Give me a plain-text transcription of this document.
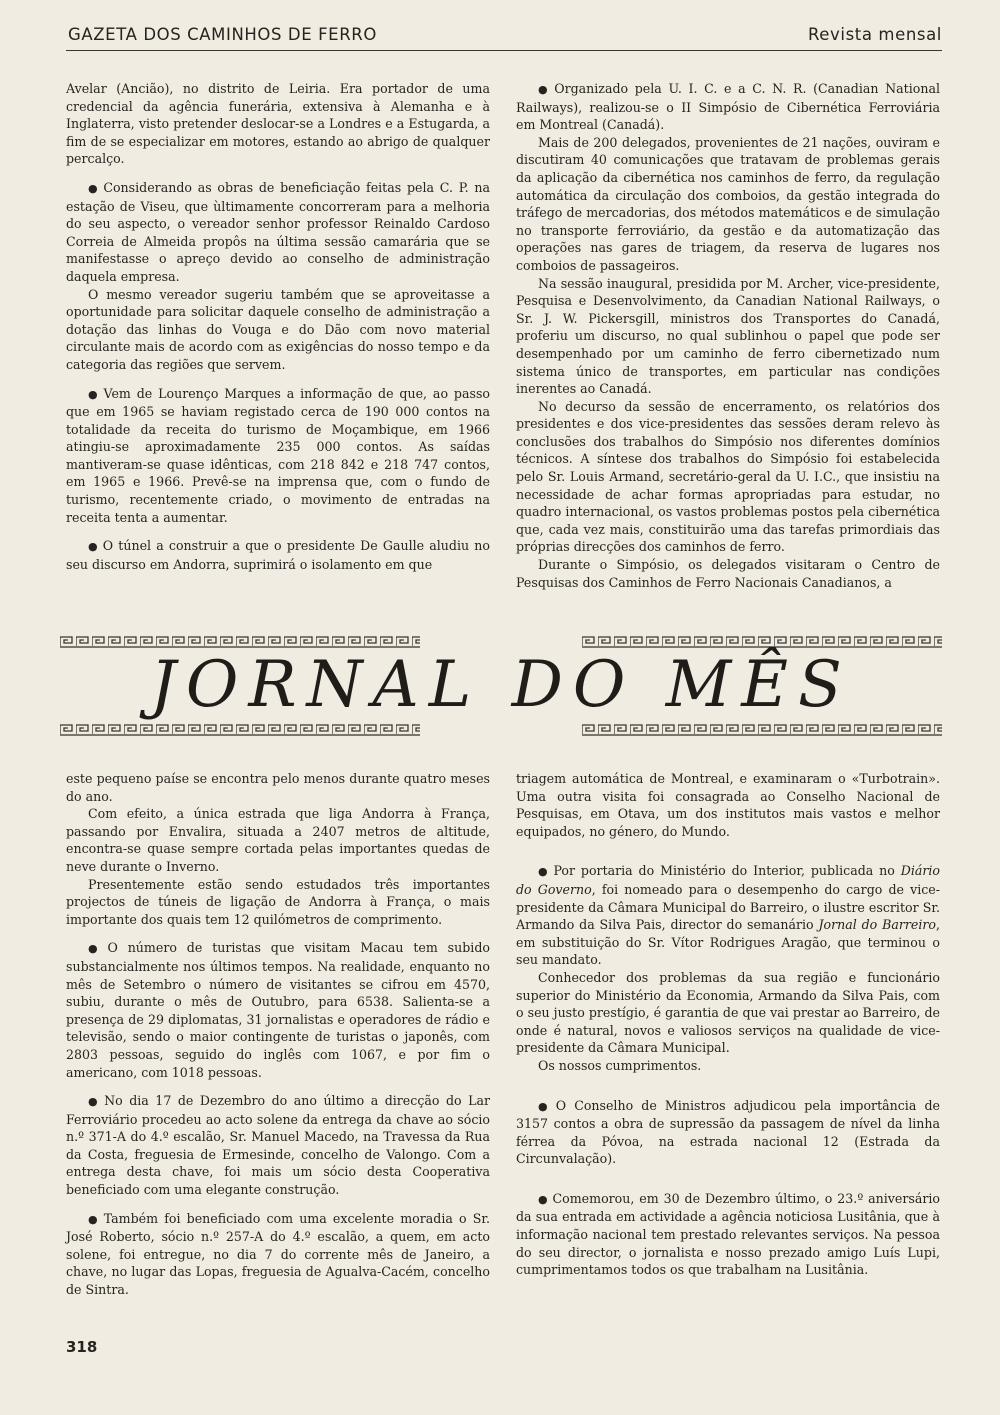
GAZETA DOS CAMINHOS DE FERRO	Revista mensal

Avelar (Ancião), no distrito de Leiria. Era portador de uma credencial da agência funerária, extensiva à Alemanha e à Inglaterra, visto pretender deslocar-se a Londres e a Estugarda, a fim de se especializar em motores, estando ao abrigo de qualquer percalço.

● Considerando as obras de beneficiação feitas pela C. P. na estação de Viseu, que ùltimamente concorreram para a melhoria do seu aspecto, o vereador senhor professor Reinaldo Cardoso Correia de Almeida propôs na última sessão camarária que se manifestasse o apreço devido ao conselho de administração daquela empresa.

O mesmo vereador sugeriu também que se aproveitasse a oportunidade para solicitar daquele conselho de administração a dotação das linhas do Vouga e do Dão com novo material circulante mais de acordo com as exigências do nosso tempo e da categoria das regiões que servem.

● Vem de Lourenço Marques a informação de que, ao passo que em 1965 se haviam registado cerca de 190 000 contos na totalidade da receita do turismo de Moçambique, em 1966 atingiu-se aproximadamente 235 000 contos. As saídas mantiveram-se quase idênticas, com 218 842 e 218 747 contos, em 1965 e 1966. Prevê-se na imprensa que, com o fundo de turismo, recentemente criado, o movimento de entradas na receita tenta a aumentar.

● O túnel a construir a que o presidente De Gaulle aludiu no seu discurso em Andorra, suprimirá o isolamento em que

● Organizado pela U. I. C. e a C. N. R. (Canadian National Railways), realizou-se o II Simpósio de Cibernética Ferroviária em Montreal (Canadá).

Mais de 200 delegados, provenientes de 21 nações, ouviram e discutiram 40 comunicações que tratavam de problemas gerais da aplicação da cibernética nos caminhos de ferro, da regulação automática da circulação dos comboios, da gestão integrada do tráfego de mercadorias, dos métodos matemáticos e de simulação no transporte ferroviário, da gestão e da automatização das operações nas gares de triagem, da reserva de lugares nos comboios de passageiros.

Na sessão inaugural, presidida por M. Archer, vice-presidente, Pesquisa e Desenvolvimento, da Canadian National Railways, o Sr. J. W. Pickersgill, ministros dos Transportes do Canadá, proferiu um discurso, no qual sublinhou o papel que pode ser desempenhado por um caminho de ferro cibernetizado num sistema único de transportes, em particular nas condições inerentes ao Canadá.

No decurso da sessão de encerramento, os relatórios dos presidentes e dos vice-presidentes das sessões deram relevo às conclusões dos trabalhos do Simpósio nos diferentes domínios técnicos. A síntese dos trabalhos do Simpósio foi estabelecida pelo Sr. Louis Armand, secretário-geral da U. I.C., que insistiu na necessidade de achar formas apropriadas para estudar, no quadro internacional, os vastos problemas postos pela cibernética que, cada vez mais, constituirão uma das tarefas primordiais das próprias direcções dos caminhos de ferro.

Durante o Simpósio, os delegados visitaram o Centro de Pesquisas dos Caminhos de Ferro Nacionais Canadianos, a

JORNAL DO MÊS

este pequeno paíse se encontra pelo menos durante quatro meses do ano.

Com efeito, a única estrada que liga Andorra à França, passando por Envalira, situada a 2407 metros de altitude, encontra-se quase sempre cortada pelas importantes quedas de neve durante o Inverno.

Presentemente estão sendo estudados três importantes projectos de túneis de ligação de Andorra à França, o mais importante dos quais tem 12 quilómetros de comprimento.

● O número de turistas que visitam Macau tem subido substancialmente nos últimos tempos. Na realidade, enquanto no mês de Setembro o número de visitantes se cifrou em 4570, subiu, durante o mês de Outubro, para 6538. Salienta-se a presença de 29 diplomatas, 31 jornalistas e operadores de rádio e televisão, sendo o maior contingente de turistas o japonês, com 2803 pessoas, seguido do inglês com 1067, e por fim o americano, com 1018 pessoas.

● No dia 17 de Dezembro do ano último a direcção do Lar Ferroviário procedeu ao acto solene da entrega da chave ao sócio n.º 371-A do 4.º escalão, Sr. Manuel Macedo, na Travessa da Rua da Costa, freguesia de Ermesinde, concelho de Valongo. Com a entrega desta chave, foi mais um sócio desta Cooperativa beneficiado com uma elegante construção.

● Também foi beneficiado com uma excelente moradia o Sr. José Roberto, sócio n.º 257-A do 4.º escalão, a quem, em acto solene, foi entregue, no dia 7 do corrente mês de Janeiro, a chave, no lugar das Lopas, freguesia de Agualva-Cacém, concelho de Sintra.

triagem automática de Montreal, e examinaram o «Turbotrain». Uma outra visita foi consagrada ao Conselho Nacional de Pesquisas, em Otava, um dos institutos mais vastos e melhor equipados, no género, do Mundo.

● Por portaria do Ministério do Interior, publicada no Diário do Governo, foi nomeado para o desempenho do cargo de vice-presidente da Câmara Municipal do Barreiro, o ilustre escritor Sr. Armando da Silva Pais, director do semanário Jornal do Barreiro, em substituição do Sr. Vítor Rodrigues Aragão, que terminou o seu mandato.

Conhecedor dos problemas da sua região e funcionário superior do Ministério da Economia, Armando da Silva Pais, com o seu justo prestígio, é garantia de que vai prestar ao Barreiro, de onde é natural, novos e valiosos serviços na qualidade de vice-presidente da Câmara Municipal.

Os nossos cumprimentos.

● O Conselho de Ministros adjudicou pela importância de 3157 contos a obra de supressão da passagem de nível da linha férrea da Póvoa, na estrada nacional 12 (Estrada da Circunvalação).

● Comemorou, em 30 de Dezembro último, o 23.º aniversário da sua entrada em actividade a agência noticiosa Lusitânia, que à informação nacional tem prestado relevantes serviços. Na pessoa do seu director, o jornalista e nosso prezado amigo Luís Lupi, cumprimentamos todos os que trabalham na Lusitânia.

318
